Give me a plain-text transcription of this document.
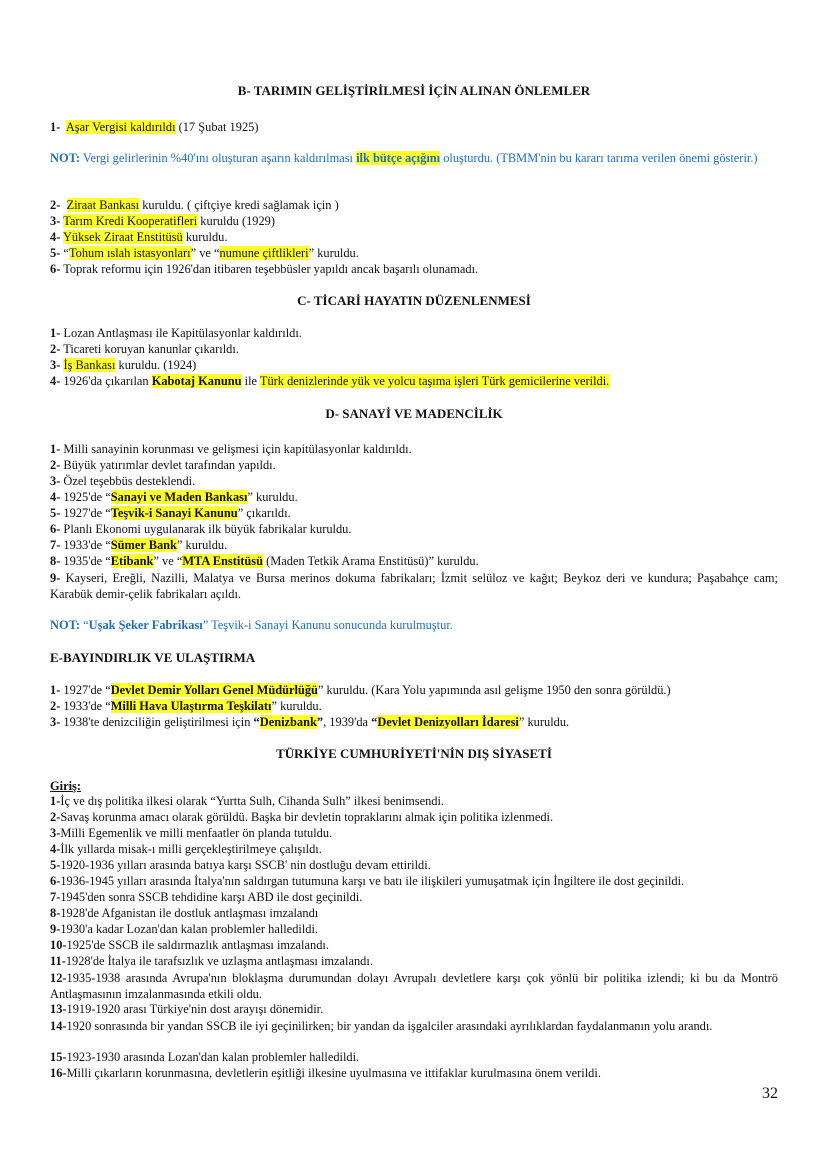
B- TARIMIN GELİŞTİRİLMESİ İÇİN ALINAN ÖNLEMLER
1- Aşar Vergisi kaldırıldı (17 Şubat 1925)
NOT: Vergi gelirlerinin %40'ını oluşturan aşarın kaldırılması ilk bütçe açığını oluşturdu. (TBMM'nin bu kararı tarıma verilen önemi gösterir.)
2- Ziraat Bankası kuruldu. ( çiftçiye kredi sağlamak için )
3- Tarım Kredi Kooperatifleri kuruldu (1929)
4- Yüksek Ziraat Enstitüsü kuruldu.
5- “Tohum ıslah istasyonları” ve “numune çiftlikleri” kuruldu.
6- Toprak reformu için 1926'dan itibaren teşebbüsler yapıldı ancak başarılı olunamadı.
C- TİCARİ HAYATIN DÜZENLENMESİ
1- Lozan Antlaşması ile Kapitülasyonlar kaldırıldı.
2- Ticareti koruyan kanunlar çıkarıldı.
3- İş Bankası kuruldu. (1924)
4- 1926'da çıkarılan Kabotaj Kanunu ile Türk denizlerinde yük ve yolcu taşıma işleri Türk gemicilerine verildi.
D- SANAYİ VE MADENCİLİK
1- Milli sanayinin korunması ve gelişmesi için kapitülasyonlar kaldırıldı.
2- Büyük yatırımlar devlet tarafından yapıldı.
3- Özel teşebbüs desteklendi.
4- 1925'de “Sanayi ve Maden Bankası” kuruldu.
5- 1927'de “Teşvik-i Sanayi Kanunu” çıkarıldı.
6- Planlı Ekonomi uygulanarak ilk büyük fabrikalar kuruldu.
7- 1933'de “Sümer Bank” kuruldu.
8- 1935'de “Etibank” ve “MTA Enstitüsü (Maden Tetkik Arama Enstitüsü)” kuruldu.
9- Kayseri, Ereğli, Nazilli, Malatya ve Bursa merinos dokuma fabrikaları; İzmit selüloz ve kağıt; Beykoz deri ve kundura; Paşabahçe cam; Karabük demir-çelik fabrikaları açıldı.
NOT: “Uşak Şeker Fabrikası” Teşvik-i Sanayi Kanunu sonucunda kurulmuştur.
E-BAYINDIRLIK VE ULAŞTIRMA
1- 1927'de “Devlet Demir Yolları Genel Müdürlüğü” kuruldu. (Kara Yolu yapımında asıl gelişme 1950 den sonra görüldü.)
2- 1933'de “Milli Hava Ulaştırma Teşkilatı” kuruldu.
3- 1938'te denizciliğin geliştirilmesi için “Denizbank”, 1939'da “Devlet Denizyolları İdaresi” kuruldu.
TÜRKİYE CUMHURİYETİ'NİN DIŞ SİYASETİ
Giriş:
1-İç ve dış politika ilkesi olarak “Yurtta Sulh, Cihanda Sulh” ilkesi benimsendi.
2-Savaş korunma amacı olarak görüldü. Başka bir devletin topraklarını almak için politika izlenmedi.
3-Milli Egemenlik ve milli menfaatler ön planda tutuldu.
4-İlk yıllarda misak-ı milli gerçekleştirilmeye çalışıldı.
5-1920-1936 yılları arasında batıya karşı SSCB' nin dostluğu devam ettirildi.
6-1936-1945 yılları arasında İtalya'nın saldırgan tutumuna karşı ve batı ile ilişkileri yumuşatmak için İngiltere ile dost geçinildi.
7-1945'den sonra SSCB tehdidine karşı ABD ile dost geçinildi.
8-1928'de Afganistan ile dostluk antlaşması imzalandı
9-1930'a kadar Lozan'dan kalan problemler halledildi.
10-1925'de SSCB ile saldırmazlık antlaşması imzalandı.
11-1928'de İtalya ile tarafsızlık ve uzlaşma antlaşması imzalandı.
12-1935-1938 arasında Avrupa'nın bloklaşma durumundan dolayı Avrupalı devletlere karşı çok yönlü bir politika izlendi; ki bu da Montrö Antlaşmasının imzalanmasında etkili oldu.
13-1919-1920 arası Türkiye'nin dost arayışı dönemidir.
14-1920 sonrasında bir yandan SSCB ile iyi geçinilirken; bir yandan da işgalciler arasındaki ayrılıklardan faydalanmanın yolu arandı.
15-1923-1930 arasında Lozan'dan kalan problemler halledildi.
16-Milli çıkarların korunmasına, devletlerin eşitliği ilkesine uyulmasına ve ittifaklar kurulmasına önem verildi.
32
